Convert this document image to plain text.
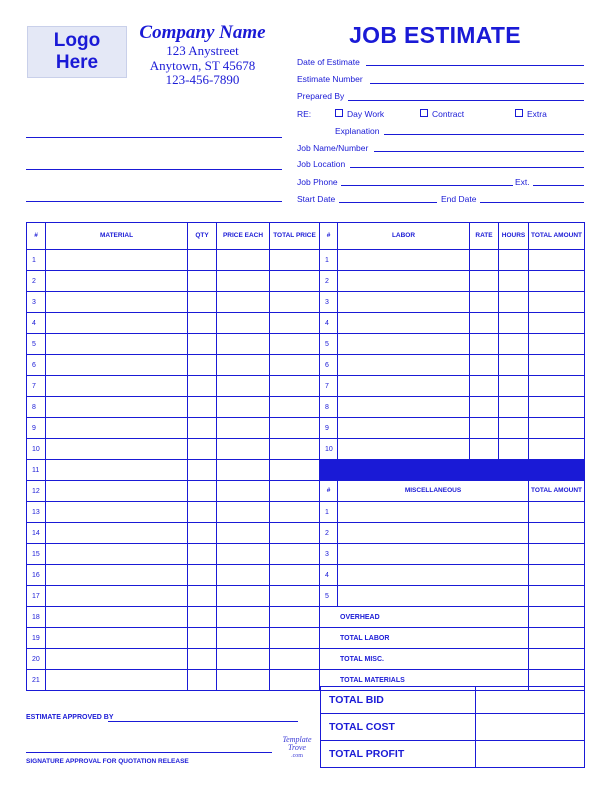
Logo
Here
Company Name
123 Anystreet
Anytown, ST 45678
123-456-7890
JOB ESTIMATE
Date of Estimate
Estimate Number
Prepared By
RE:	Day Work	Contract	Extra
Explanation
Job Name/Number
Job Location
Job Phone	Ext.
Start Date	End Date
#	MATERIAL	QTY	PRICE EACH	TOTAL PRICE	#	LABOR	RATE	HOURS	TOTAL AMOUNT
1					1				
2					2				
3					3				
4					4				
5					5				
6					6				
7					7				
8					8				
9					9				
10					10				
11									
12					#	MISCELLANEOUS			TOTAL AMOUNT
13					1				
14					2				
15					3				
16					4				
17					5				
18					OVERHEAD				
19					TOTAL LABOR				
20					TOTAL MISC.				
21					TOTAL MATERIALS				
TOTAL BID	
TOTAL COST	
TOTAL PROFIT	
ESTIMATE APPROVED BY
SIGNATURE APPROVAL FOR QUOTATION RELEASE
Template
Trove
.com
